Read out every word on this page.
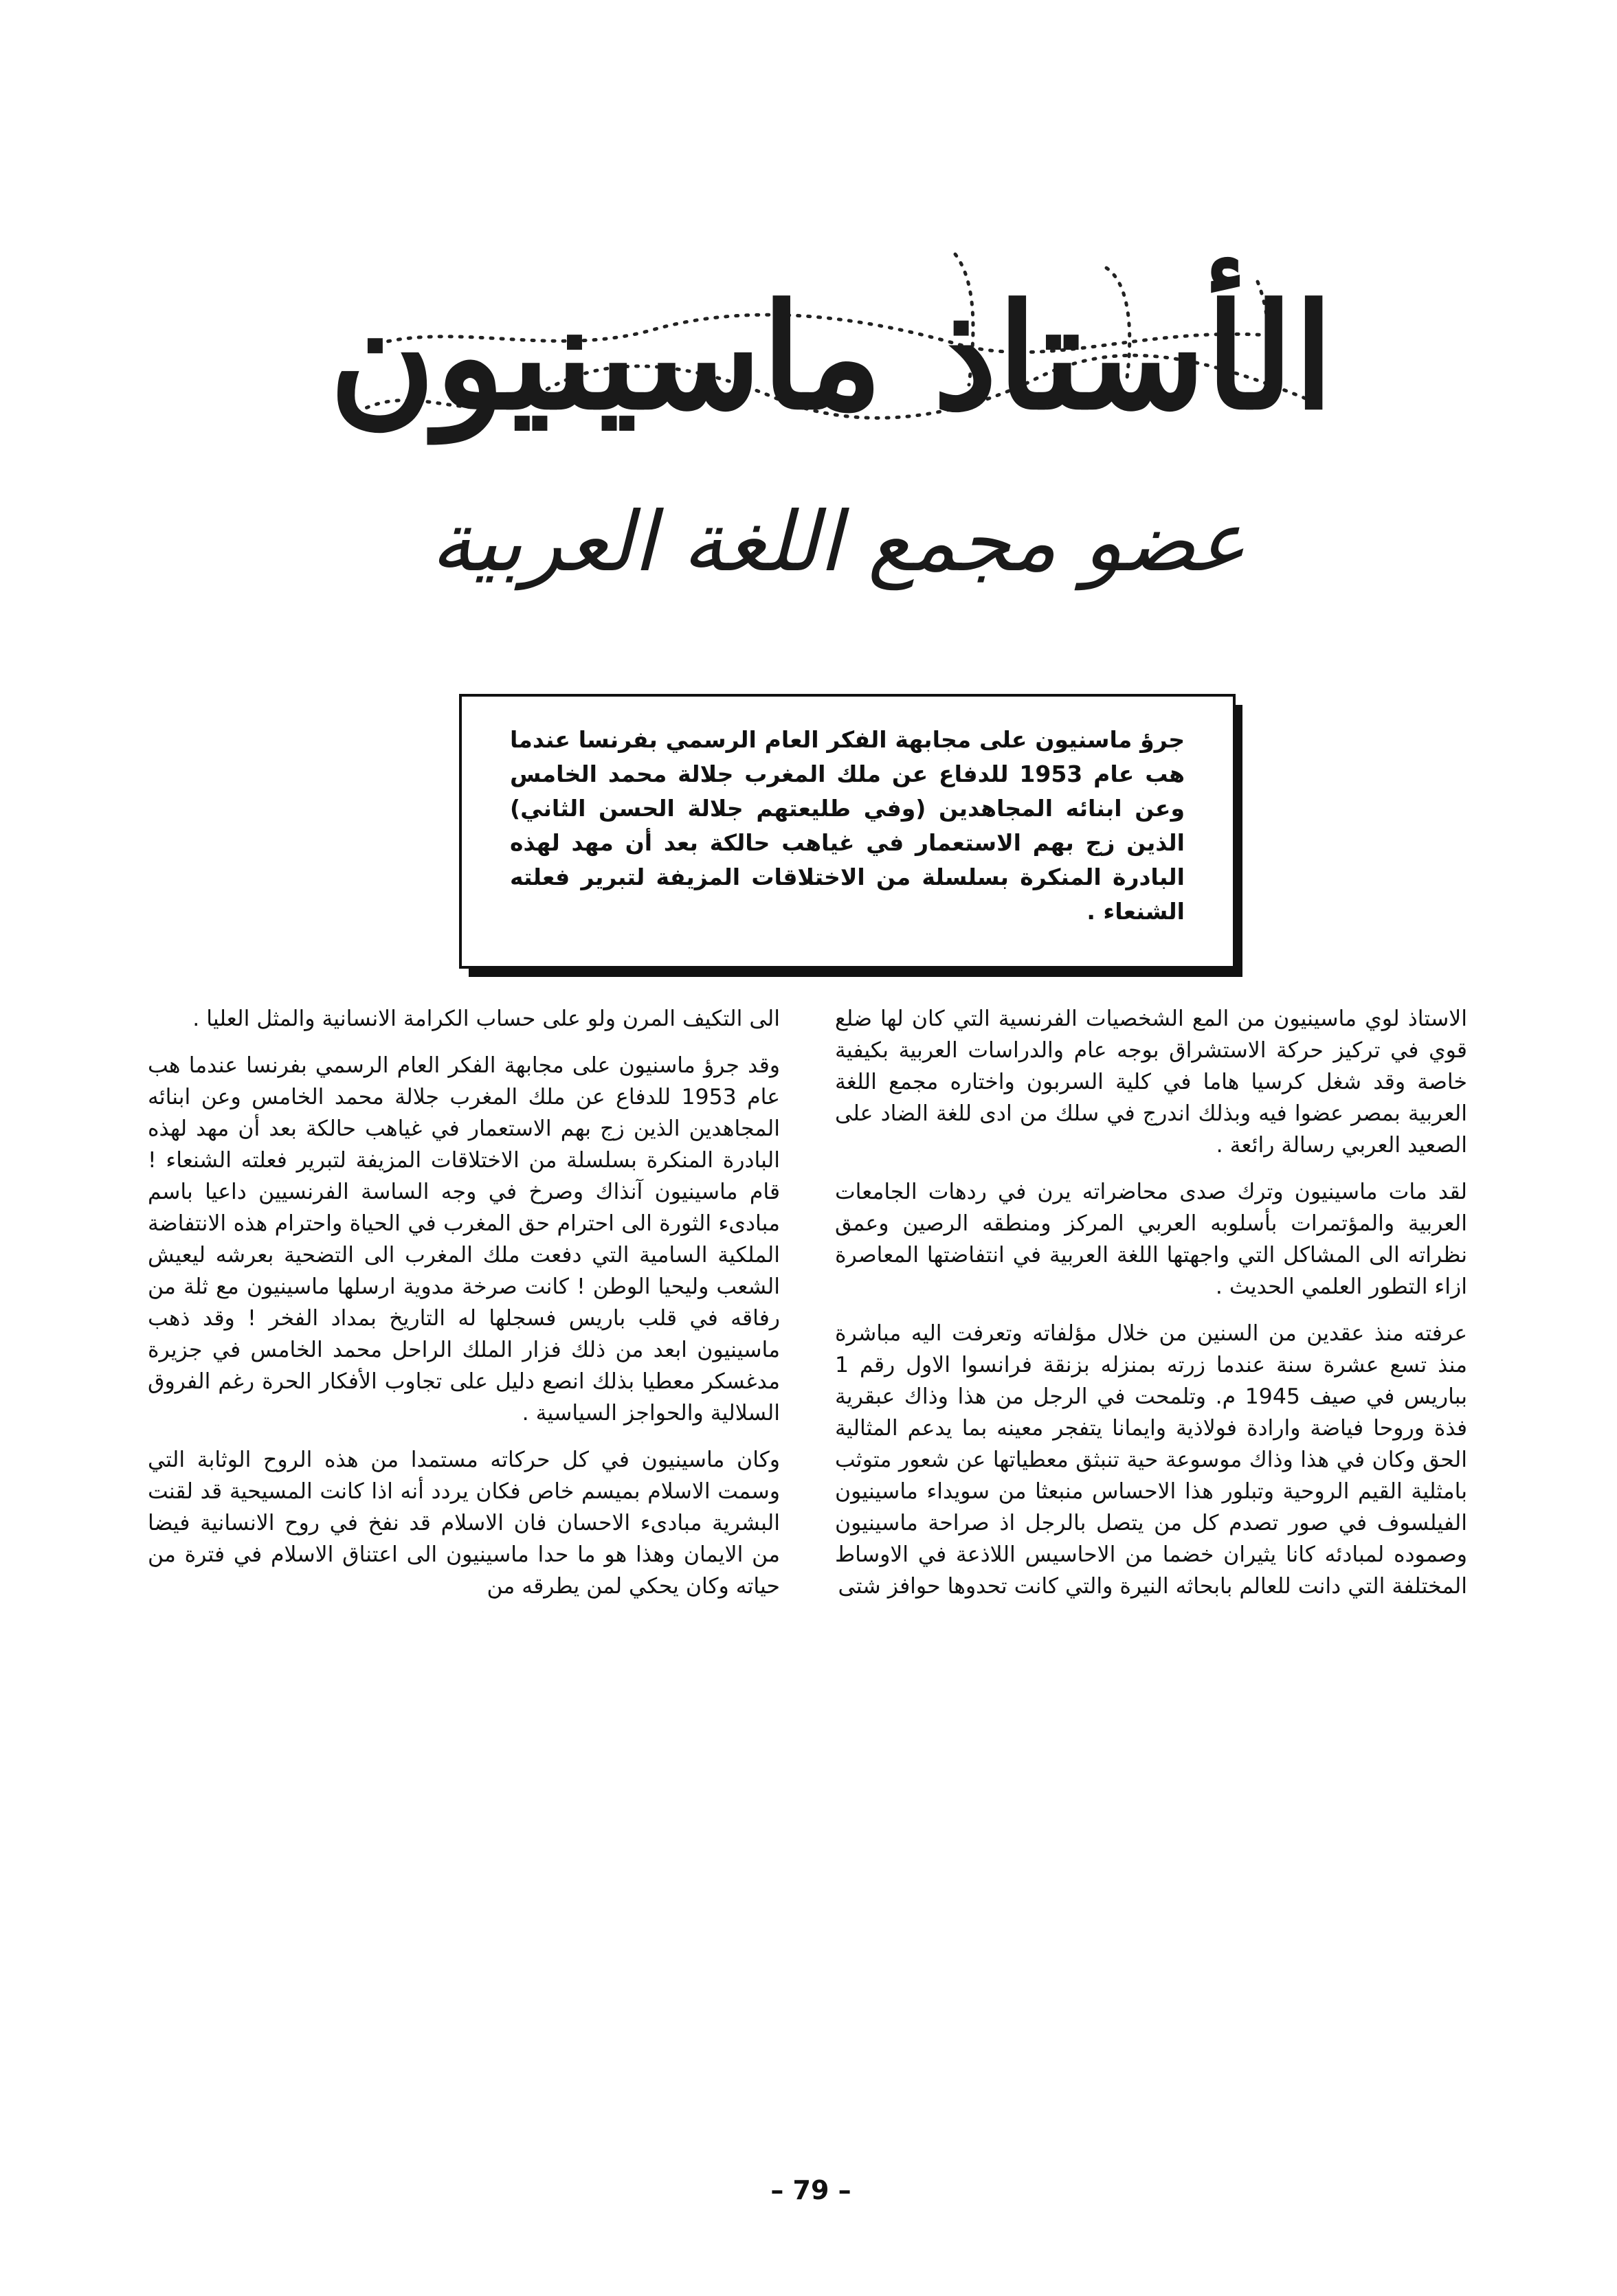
الأستاذ ماسينيون
عضو مجمع اللغة العربية

جرؤ ماسنيون على مجابهة الفكر العام الرسمي بفرنسا عندما هب عام 1953 للدفاع عن ملك المغرب جلالة محمد الخامس وعن ابنائه المجاهدين (وفي طليعتهم جلالة الحسن الثاني) الذين زج بهم الاستعمار في غياهب حالكة بعد أن مهد لهذه البادرة المنكرة بسلسلة من الاختلاقات المزيفة لتبرير فعلته الشنعاء .

الاستاذ لوي ماسينيون من المع الشخصيات الفرنسية التي كان لها ضلع قوي في تركيز حركة الاستشراق بوجه عام والدراسات العربية بكيفية خاصة وقد شغل كرسيا هاما في كلية السربون واختاره مجمع اللغة العربية بمصر عضوا فيه وبذلك اندرج في سلك من ادى للغة الضاد على الصعيد العربي رسالة رائعة .

لقد مات ماسينيون وترك صدى محاضراته يرن في ردهات الجامعات العربية والمؤتمرات بأسلوبه العربي المركز ومنطقه الرصين وعمق نظراته الى المشاكل التي واجهتها اللغة العربية في انتفاضتها المعاصرة ازاء التطور العلمي الحديث .

عرفته منذ عقدين من السنين من خلال مؤلفاته وتعرفت اليه مباشرة منذ تسع عشرة سنة عندما زرته بمنزله بزنقة فرانسوا الاول رقم 1 بباريس في صيف 1945 م. وتلمحت في الرجل من هذا وذاك عبقرية فذة وروحا فياضة وارادة فولاذية وايمانا يتفجر معينه بما يدعم المثالية الحق وكان في هذا وذاك موسوعة حية تنبثق معطياتها عن شعور متوثب بامثلية القيم الروحية وتبلور هذا الاحساس منبعثا من سويداء ماسينيون الفيلسوف في صور تصدم كل من يتصل بالرجل اذ صراحة ماسينيون وصموده لمبادئه كانا يثيران خضما من الاحاسيس اللاذعة في الاوساط المختلفة التي دانت للعالم بابحاثه النيرة والتي كانت تحدوها حوافز شتى

الى التكيف المرن ولو على حساب الكرامة الانسانية والمثل العليا .

وقد جرؤ ماسنيون على مجابهة الفكر العام الرسمي بفرنسا عندما هب عام 1953 للدفاع عن ملك المغرب جلالة محمد الخامس وعن ابنائه المجاهدين الذين زج بهم الاستعمار في غياهب حالكة بعد أن مهد لهذه البادرة المنكرة بسلسلة من الاختلاقات المزيفة لتبرير فعلته الشنعاء ! قام ماسينيون آنذاك وصرخ في وجه الساسة الفرنسيين داعيا باسم مبادىء الثورة الى احترام حق المغرب في الحياة واحترام هذه الانتفاضة الملكية السامية التي دفعت ملك المغرب الى التضحية بعرشه ليعيش الشعب وليحيا الوطن ! كانت صرخة مدوية ارسلها ماسينيون مع ثلة من رفاقه في قلب باريس فسجلها له التاريخ بمداد الفخر ! وقد ذهب ماسينيون ابعد من ذلك فزار الملك الراحل محمد الخامس في جزيرة مدغسكر معطيا بذلك انصع دليل على تجاوب الأفكار الحرة رغم الفروق السلالية والحواجز السياسية .

وكان ماسينيون في كل حركاته مستمدا من هذه الروح الوثابة التي وسمت الاسلام بميسم خاص فكان يردد أنه اذا كانت المسيحية قد لقنت البشرية مبادىء الاحسان فان الاسلام قد نفخ في روح الانسانية فيضا من الايمان وهذا هو ما حدا ماسينيون الى اعتناق الاسلام في فترة من حياته وكان يحكي لمن يطرقه من

– 79 –
